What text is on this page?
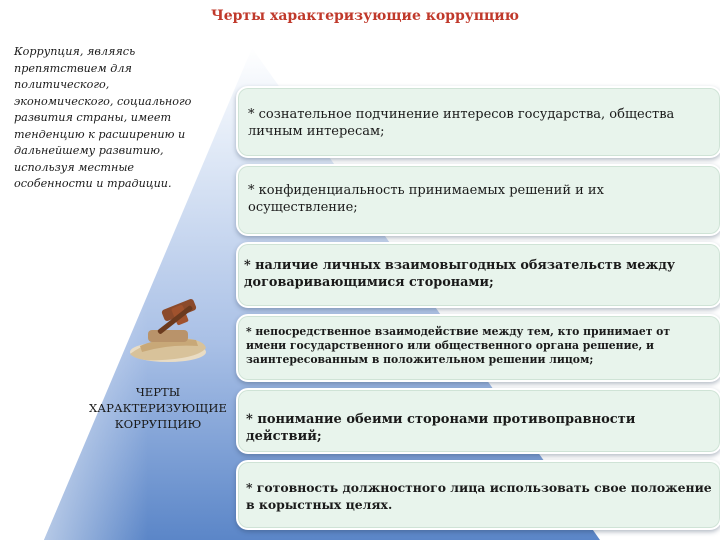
Черты характеризующие коррупцию
Коррупция, являясь препятствием для политического, экономического, социального развития страны, имеет тенденцию к расширению и дальнейшему развитию, используя местные особенности и традиции.
ЧЕРТЫ ХАРАКТЕРИЗУЮЩИЕ КОРРУПЦИЮ
* сознательное подчинение интересов государства, общества личным интересам;
* конфиденциальность принимаемых решений и их осуществление;
* наличие личных взаимовыгодных обязательств между договаривающимися сторонами;
* непосредственное взаимодействие между тем, кто принимает от имени государственного или общественного органа решение, и заинтересованным в положительном решении лицом;
* понимание обеими сторонами противоправности действий;
* готовность должностного лица использовать свое положение в корыстных целях.
